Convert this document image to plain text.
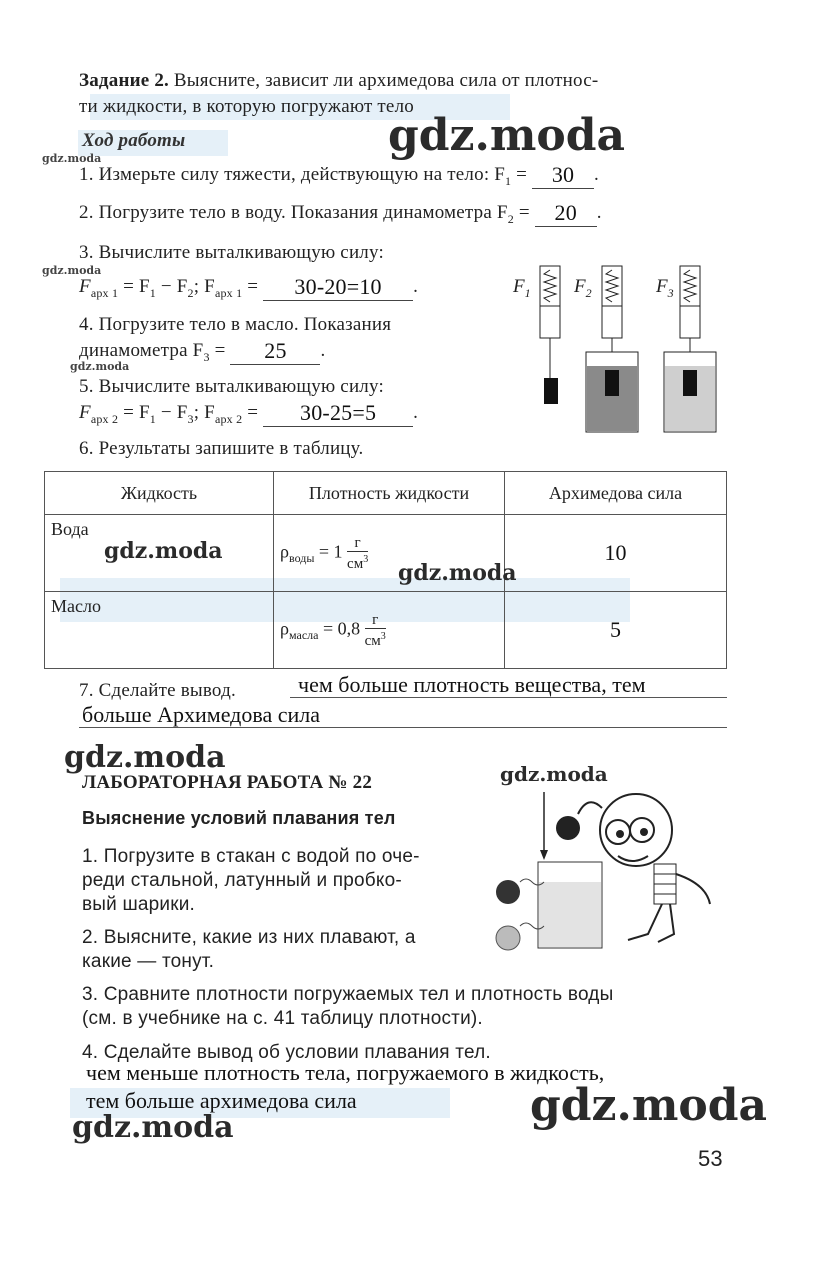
Задание 2. Выясните, зависит ли архимедова сила от плотнос-
ти жидкости, в которую погружают тело
Ход работы
1. Измерьте силу тяжести, действующую на тело: $F_1 = 30$	.
2. Погрузите тело в воду. Показания динамометра $F_2 = 20$	.
3. Вычислите выталкивающую силу:
$F_{арх 1} = F_1 - F_2$; $F_{арх 1}$ =	30-20=10	.
4. Погрузите тело в масло. Показания
динамометра $F_3$ =	25	.
5. Вычислите выталкивающую силу:
$F_{арх 2} = F_1 - F_3$; $F_{арх 2}$ =	30-25=5	.
6. Результаты запишите в таблицу.
$F_1$ $F_2$	$F_3$
Жидкость	Плотность жидкости	Архимедова сила
Вода	$\rho_{воды} = 1 \frac{г}{см^3}$	10
Масло	$\rho_{масла} = 0,8 \frac{г}{см^3}$	5
7. Сделайте вывод.	чем больше плотность вещества, тем
больше Архимедова сила
ЛАБОРАТОРНАЯ РАБОТА № 22
Выяснение условий плавания тел
1. Погрузите в стакан с водой по оче-
реди стальной, латунный и пробко-
вый шарики.
2. Выясните, какие из них плавают, а
какие — тонут.
3. Сравните плотности погружаемых тел и плотность воды
(см. в учебнике на с. 41 таблицу плотности).
4. Сделайте вывод об условии плавания тел.
чем меньше плотность тела, погружаемого в жидкость,
тем больше архимедова сила
gdz.moda
gdz.moda
gdz.moda
gdz.moda
gdz.moda
gdz.moda
gdz.moda	gdz.moda
gdz.moda
gdz.moda
53
